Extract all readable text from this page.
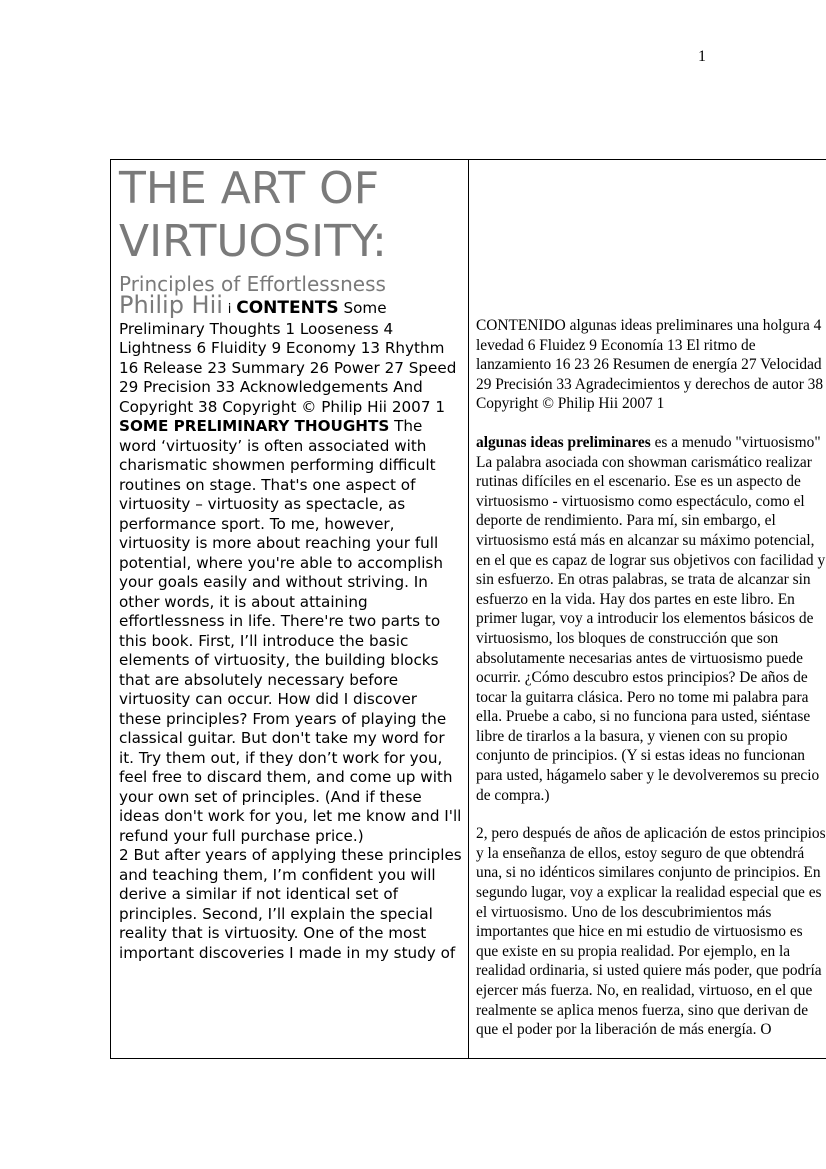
1
THE ART OF
VIRTUOSITY:
Principles of Effortlessness

Philip Hii i CONTENTS Some Preliminary Thoughts 1 Looseness 4 Lightness 6 Fluidity 9 Economy 13 Rhythm 16 Release 23 Summary 26 Power 27 Speed 29 Precision 33 Acknowledgements And Copyright 38 Copyright © Philip Hii 2007 1 SOME PRELIMINARY THOUGHTS The word ‘virtuosity’ is often associated with charismatic showmen performing difficult routines on stage. That's one aspect of virtuosity – virtuosity as spectacle, as performance sport. To me, however, virtuosity is more about reaching your full potential, where you're able to accomplish your goals easily and without striving. In other words, it is about attaining effortlessness in life. There're two parts to this book. First, I’ll introduce the basic elements of virtuosity, the building blocks that are absolutely necessary before virtuosity can occur. How did I discover these principles? From years of playing the classical guitar. But don't take my word for it. Try them out, if they don’t work for you, feel free to discard them, and come up with your own set of principles. (And if these ideas don't work for you, let me know and I'll refund your full purchase price.)

2 But after years of applying these principles and teaching them, I’m confident you will derive a similar if not identical set of principles. Second, I’ll explain the special reality that is virtuosity. One of the most important discoveries I made in my study of

CONTENIDO algunas ideas preliminares una holgura 4 levedad 6 Fluidez 9 Economía 13 El ritmo de lanzamiento 16 23 26 Resumen de energía 27 Velocidad 29 Precisión 33 Agradecimientos y derechos de autor 38 Copyright © Philip Hii 2007 1

algunas ideas preliminares es a menudo "virtuosismo" La palabra asociada con showman carismático realizar rutinas difíciles en el escenario. Ese es un aspecto de virtuosismo - virtuosismo como espectáculo, como el deporte de rendimiento. Para mí, sin embargo, el virtuosismo está más en alcanzar su máximo potencial, en el que es capaz de lograr sus objetivos con facilidad y sin esfuerzo. En otras palabras, se trata de alcanzar sin esfuerzo en la vida. Hay dos partes en este libro. En primer lugar, voy a introducir los elementos básicos de virtuosismo, los bloques de construcción que son absolutamente necesarias antes de virtuosismo puede ocurrir. ¿Cómo descubro estos principios? De años de tocar la guitarra clásica. Pero no tome mi palabra para ella. Pruebe a cabo, si no funciona para usted, siéntase libre de tirarlos a la basura, y vienen con su propio conjunto de principios. (Y si estas ideas no funcionan para usted, hágamelo saber y le devolveremos su precio de compra.)

2, pero después de años de aplicación de estos principios y la enseñanza de ellos, estoy seguro de que obtendrá una, si no idénticos similares conjunto de principios. En segundo lugar, voy a explicar la realidad especial que es el virtuosismo. Uno de los descubrimientos más importantes que hice en mi estudio de virtuosismo es que existe en su propia realidad. Por ejemplo, en la realidad ordinaria, si usted quiere más poder, que podría ejercer más fuerza. No, en realidad, virtuoso, en el que realmente se aplica menos fuerza, sino que derivan de que el poder por la liberación de más energía. O
